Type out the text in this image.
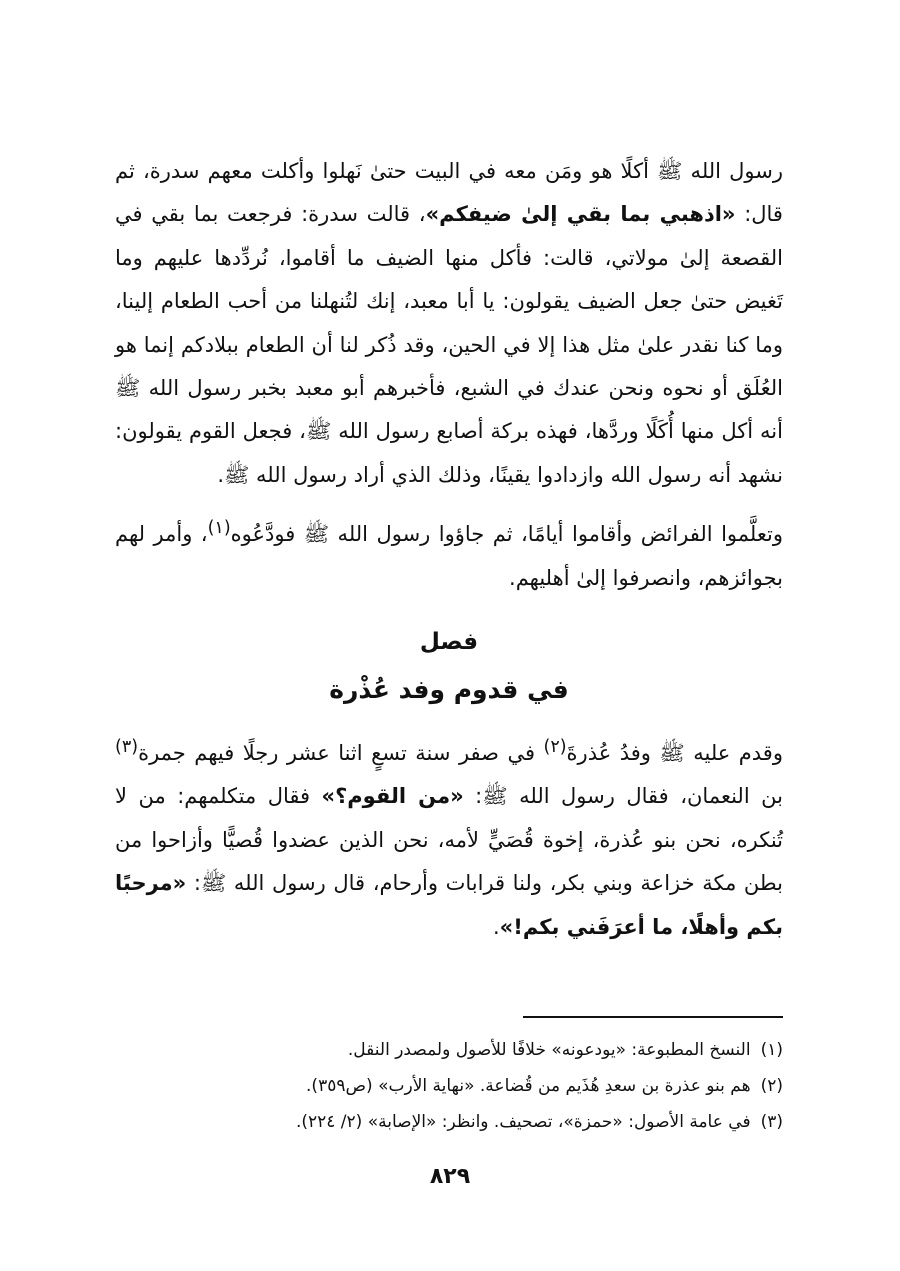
رسول الله ﷺ أكلًا هو ومَن معه في البيت حتىٰ نَهلوا وأكلت معهم سدرة، ثم قال: «اذهبي بما بقي إلىٰ ضيفكم»، قالت سدرة: فرجعت بما بقي في القصعة إلىٰ مولاتي، قالت: فأكل منها الضيف ما أقاموا، نُردِّدها عليهم وما تَغيض حتىٰ جعل الضيف يقولون: يا أبا معبد، إنك لتُنهلنا من أحب الطعام إلينا، وما كنا نقدر علىٰ مثل هذا إلا في الحين، وقد ذُكر لنا أن الطعام ببلادكم إنما هو العُلَق أو نحوه ونحن عندك في الشبع، فأخبرهم أبو معبد بخبر رسول الله ﷺ أنه أكل منها أُكَلًا وردَّها، فهذه بركة أصابع رسول الله ﷺ، فجعل القوم يقولون: نشهد أنه رسول الله وازدادوا يقينًا، وذلك الذي أراد رسول الله ﷺ.

وتعلَّموا الفرائض وأقاموا أيامًا، ثم جاؤوا رسول الله ﷺ فودَّعُوه$^{(١)}$، وأمر لهم بجوائزهم، وانصرفوا إلىٰ أهليهم.

فصل
في قدوم وفد عُذْرة

وقدم عليه ﷺ وفدُ عُذرةَ$^{(٢)}$ في صفر سنة تسعٍ اثنا عشر رجلًا فيهم جمرة$^{(٣)}$ بن النعمان، فقال رسول الله ﷺ: «من القوم؟» فقال متكلمهم: من لا تُنكره، نحن بنو عُذرة، إخوة قُصَيٍّ لأمه، نحن الذين عضدوا قُصيًّا وأزاحوا من بطن مكة خزاعة وبني بكر، ولنا قرابات وأرحام، قال رسول الله ﷺ: «مرحبًا بكم وأهلًا، ما أعرَفَني بكم!».

(١)النسخ المطبوعة: «يودعونه» خلافًا للأصول ولمصدر النقل.
(٢)هم بنو عذرة بن سعدِ هُذَيم من قُضاعة. «نهاية الأرب» (ص٣٥٩).
(٣)في عامة الأصول: «حمزة»، تصحيف. وانظر: «الإصابة» (٢/ ٢٢٤).
٨٢٩
